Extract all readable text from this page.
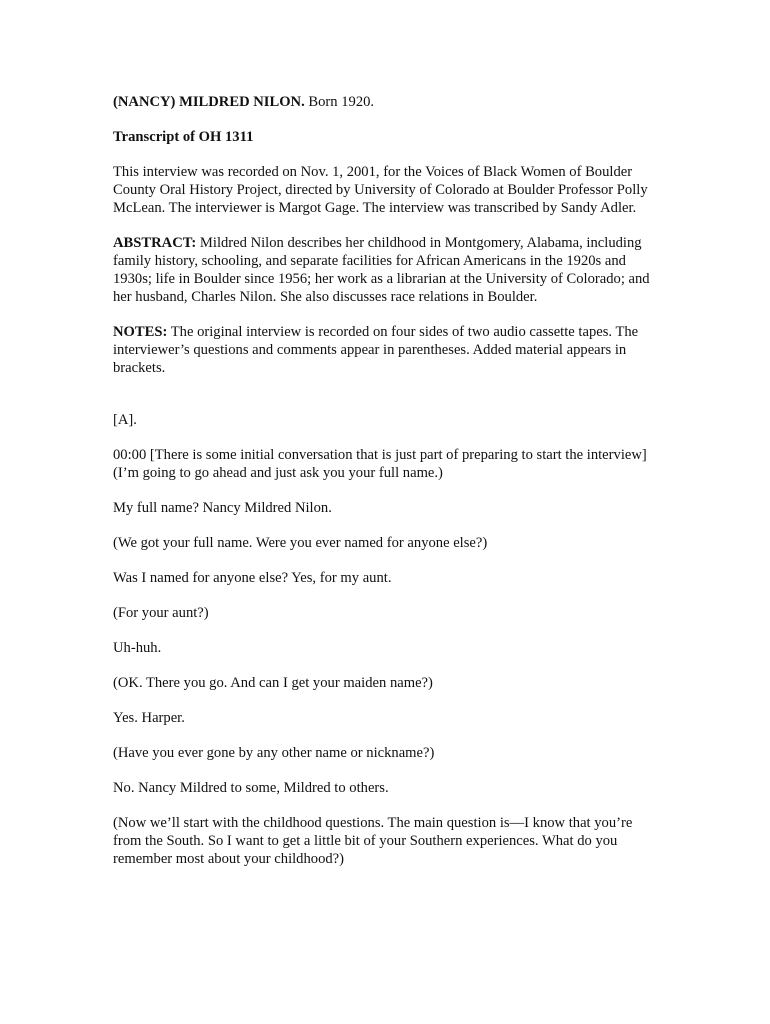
(NANCY) MILDRED NILON. Born 1920.

Transcript of OH 1311

This interview was recorded on Nov. 1, 2001, for the Voices of Black Women of Boulder County Oral History Project, directed by University of Colorado at Boulder Professor Polly McLean. The interviewer is Margot Gage. The interview was transcribed by Sandy Adler.

ABSTRACT: Mildred Nilon describes her childhood in Montgomery, Alabama, including family history, schooling, and separate facilities for African Americans in the 1920s and 1930s; life in Boulder since 1956; her work as a librarian at the University of Colorado; and her husband, Charles Nilon. She also discusses race relations in Boulder.

NOTES: The original interview is recorded on four sides of two audio cassette tapes. The interviewer’s questions and comments appear in parentheses. Added material appears in brackets.

[A].

00:00 [There is some initial conversation that is just part of preparing to start the interview] (I’m going to go ahead and just ask you your full name.)

My full name? Nancy Mildred Nilon.

(We got your full name. Were you ever named for anyone else?)

Was I named for anyone else? Yes, for my aunt.

(For your aunt?)

Uh-huh.

(OK. There you go. And can I get your maiden name?)

Yes. Harper.

(Have you ever gone by any other name or nickname?)

No. Nancy Mildred to some, Mildred to others.

(Now we’ll start with the childhood questions. The main question is—I know that you’re from the South. So I want to get a little bit of your Southern experiences. What do you remember most about your childhood?)
